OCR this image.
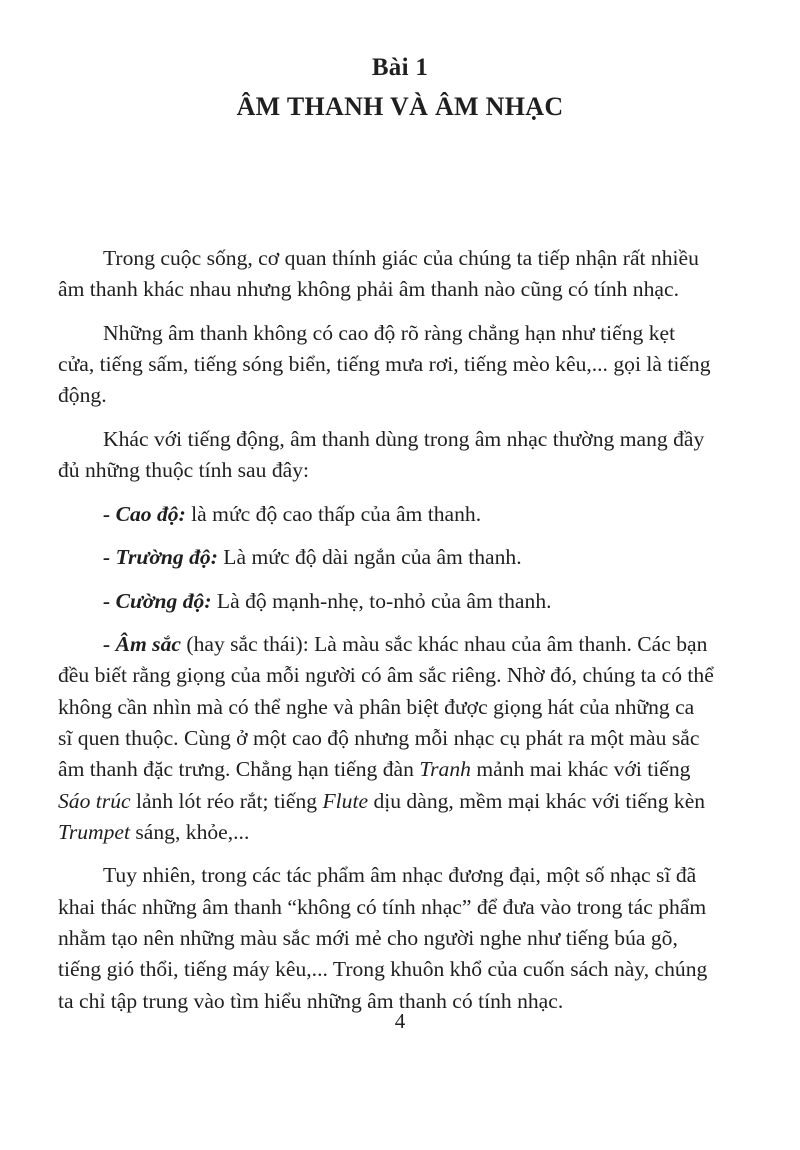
Bài 1
ÂM THANH VÀ ÂM NHẠC

Trong cuộc sống, cơ quan thính giác của chúng ta tiếp nhận rất nhiều
âm thanh khác nhau nhưng không phải âm thanh nào cũng có tính nhạc.

Những âm thanh không có cao độ rõ ràng chẳng hạn như tiếng kẹt
cửa, tiếng sấm, tiếng sóng biển, tiếng mưa rơi, tiếng mèo kêu,... gọi là tiếng
động.

Khác với tiếng động, âm thanh dùng trong âm nhạc thường mang đầy
đủ những thuộc tính sau đây:

- Cao độ: là mức độ cao thấp của âm thanh.

- Trường độ: Là mức độ dài ngắn của âm thanh.

- Cường độ: Là độ mạnh-nhẹ, to-nhỏ của âm thanh.

- Âm sắc (hay sắc thái): Là màu sắc khác nhau của âm thanh. Các bạn
đều biết rằng giọng của mỗi người có âm sắc riêng. Nhờ đó, chúng ta có thể
không cần nhìn mà có thể nghe và phân biệt được giọng hát của những ca
sĩ quen thuộc. Cùng ở một cao độ nhưng mỗi nhạc cụ phát ra một màu sắc
âm thanh đặc trưng. Chẳng hạn tiếng đàn Tranh mảnh mai khác với tiếng
Sáo trúc lảnh lót réo rắt; tiếng Flute dịu dàng, mềm mại khác với tiếng kèn
Trumpet sáng, khỏe,...

Tuy nhiên, trong các tác phẩm âm nhạc đương đại, một số nhạc sĩ đã
khai thác những âm thanh “không có tính nhạc” để đưa vào trong tác phẩm
nhằm tạo nên những màu sắc mới mẻ cho người nghe như tiếng búa gõ,
tiếng gió thổi, tiếng máy kêu,... Trong khuôn khổ của cuốn sách này, chúng
ta chỉ tập trung vào tìm hiểu những âm thanh có tính nhạc.

4
